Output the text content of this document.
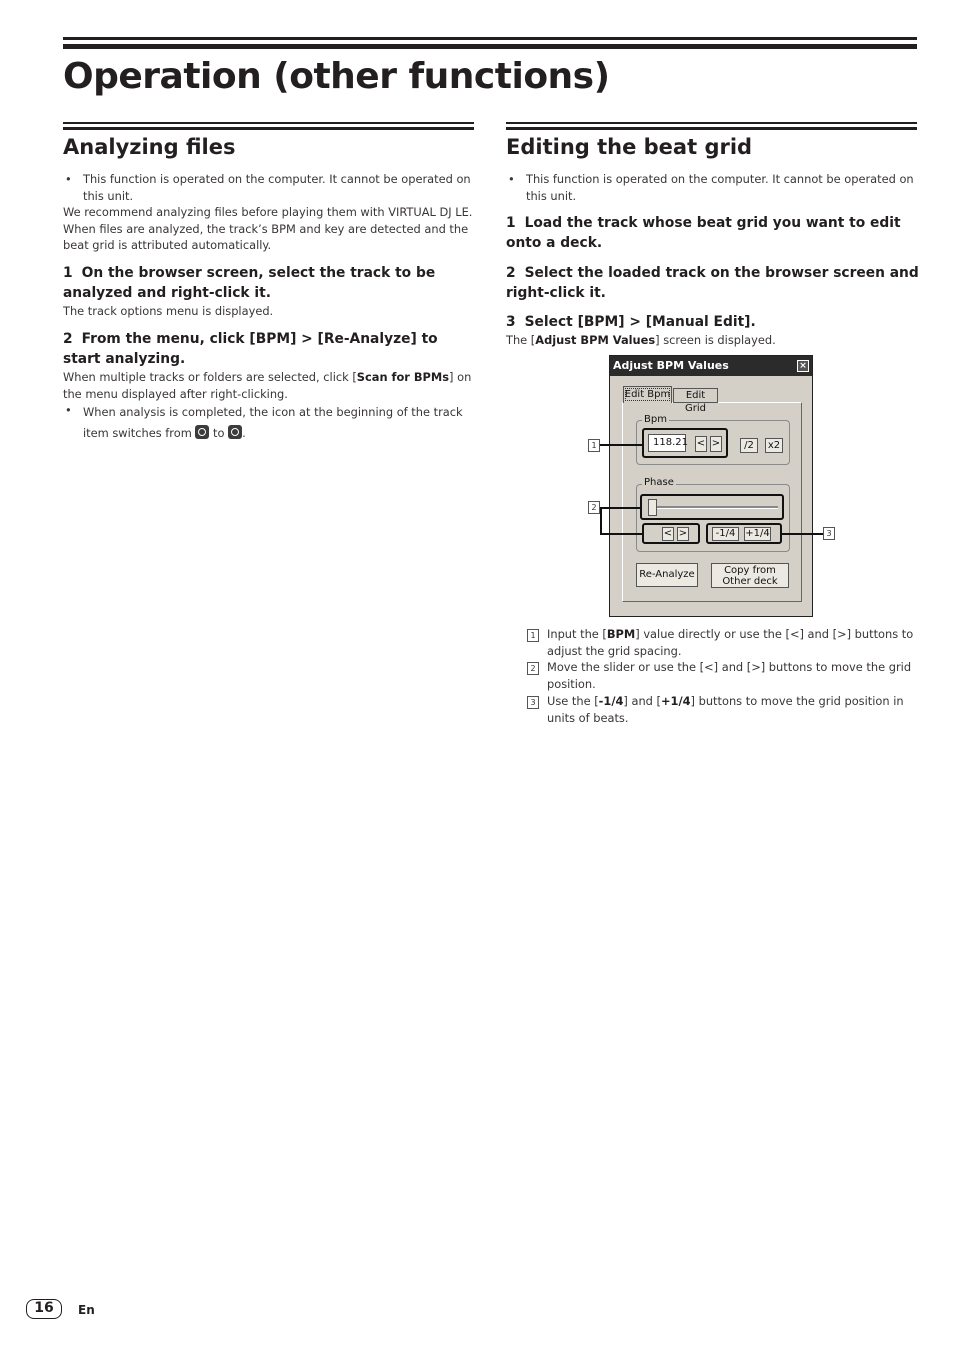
Operation (other functions)
Analyzing files
• This function is operated on the computer. It cannot be operated on this unit.
We recommend analyzing files before playing them with VIRTUAL DJ LE. When files are analyzed, the track’s BPM and key are detected and the beat grid is attributed automatically.
1 On the browser screen, select the track to be analyzed and right-click it.
The track options menu is displayed.
2 From the menu, click [BPM] > [Re-Analyze] to start analyzing.
When multiple tracks or folders are selected, click [Scan for BPMs] on the menu displayed after right-clicking.
• When analysis is completed, the icon at the beginning of the track item switches from to .
Editing the beat grid
• This function is operated on the computer. It cannot be operated on this unit.
1 Load the track whose beat grid you want to edit onto a deck.
2 Select the loaded track on the browser screen and right-click it.
3 Select [BPM] > [Manual Edit].
The [Adjust BPM Values] screen is displayed.
Adjust BPM Values	×
Edit Bpm	Edit Grid
Bpm
118.21 < >	/2	x2
Phase
< >	-1/4 +1/4
Re-Analyze	Copy from Other deck
1
2
3
1	Input the [BPM] value directly or use the [<] and [>] buttons to adjust the grid spacing.
2	Move the slider or use the [<] and [>] buttons to move the grid position.
3	Use the [-1/4] and [+1/4] buttons to move the grid position in units of beats.
16	En
